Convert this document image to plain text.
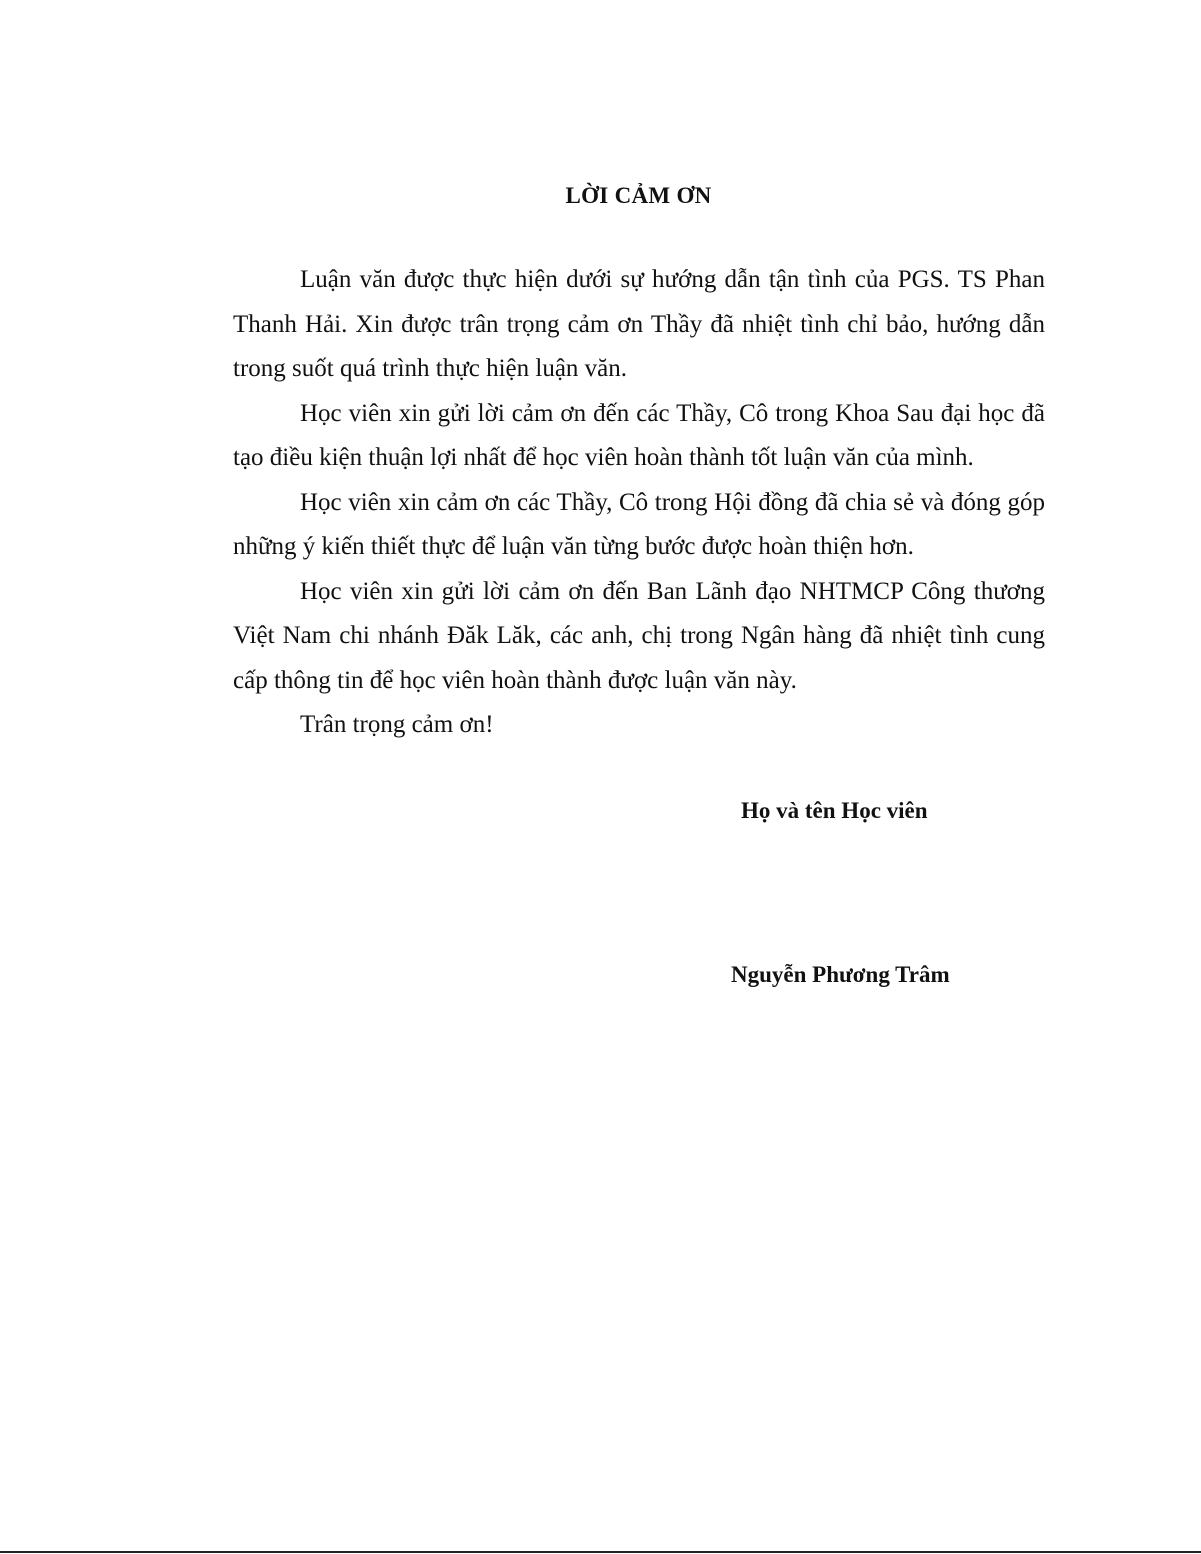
LỜI CẢM ƠN

Luận văn được thực hiện dưới sự hướng dẫn tận tình của PGS. TS Phan Thanh Hải. Xin được trân trọng cảm ơn Thầy đã nhiệt tình chỉ bảo, hướng dẫn trong suốt quá trình thực hiện luận văn.

Học viên xin gửi lời cảm ơn đến các Thầy, Cô trong Khoa Sau đại học đã tạo điều kiện thuận lợi nhất để học viên hoàn thành tốt luận văn của mình.

Học viên xin cảm ơn các Thầy, Cô trong Hội đồng đã chia sẻ và đóng góp những ý kiến thiết thực để luận văn từng bước được hoàn thiện hơn.

Học viên xin gửi lời cảm ơn đến Ban Lãnh đạo NHTMCP Công thương Việt Nam chi nhánh Đăk Lăk, các anh, chị trong Ngân hàng đã nhiệt tình cung cấp thông tin để học viên hoàn thành được luận văn này.

Trân trọng cảm ơn!

Họ và tên Học viên
Nguyễn Phương Trâm
